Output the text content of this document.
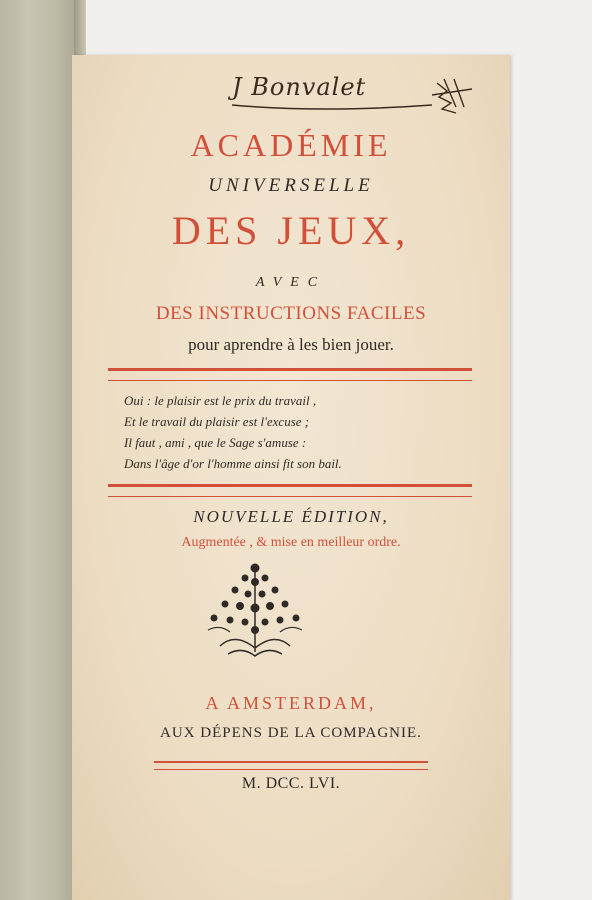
J Bonvalet
ACADÉMIE
UNIVERSELLE
DES JEUX,
AVEC
DES INSTRUCTIONS FACILES
pour aprendre à les bien jouer.
Oui : le plaisir est le prix du travail ,
Et le travail du plaisir est l'excuse ;
Il faut , ami , que le Sage s'amuse :
Dans l'âge d'or l'homme ainsi fit son bail.
NOUVELLE ÉDITION,
Augmentée , & mise en meilleur ordre.
A AMSTERDAM,
AUX DÉPENS DE LA COMPAGNIE.
M. DCC. LVI.
